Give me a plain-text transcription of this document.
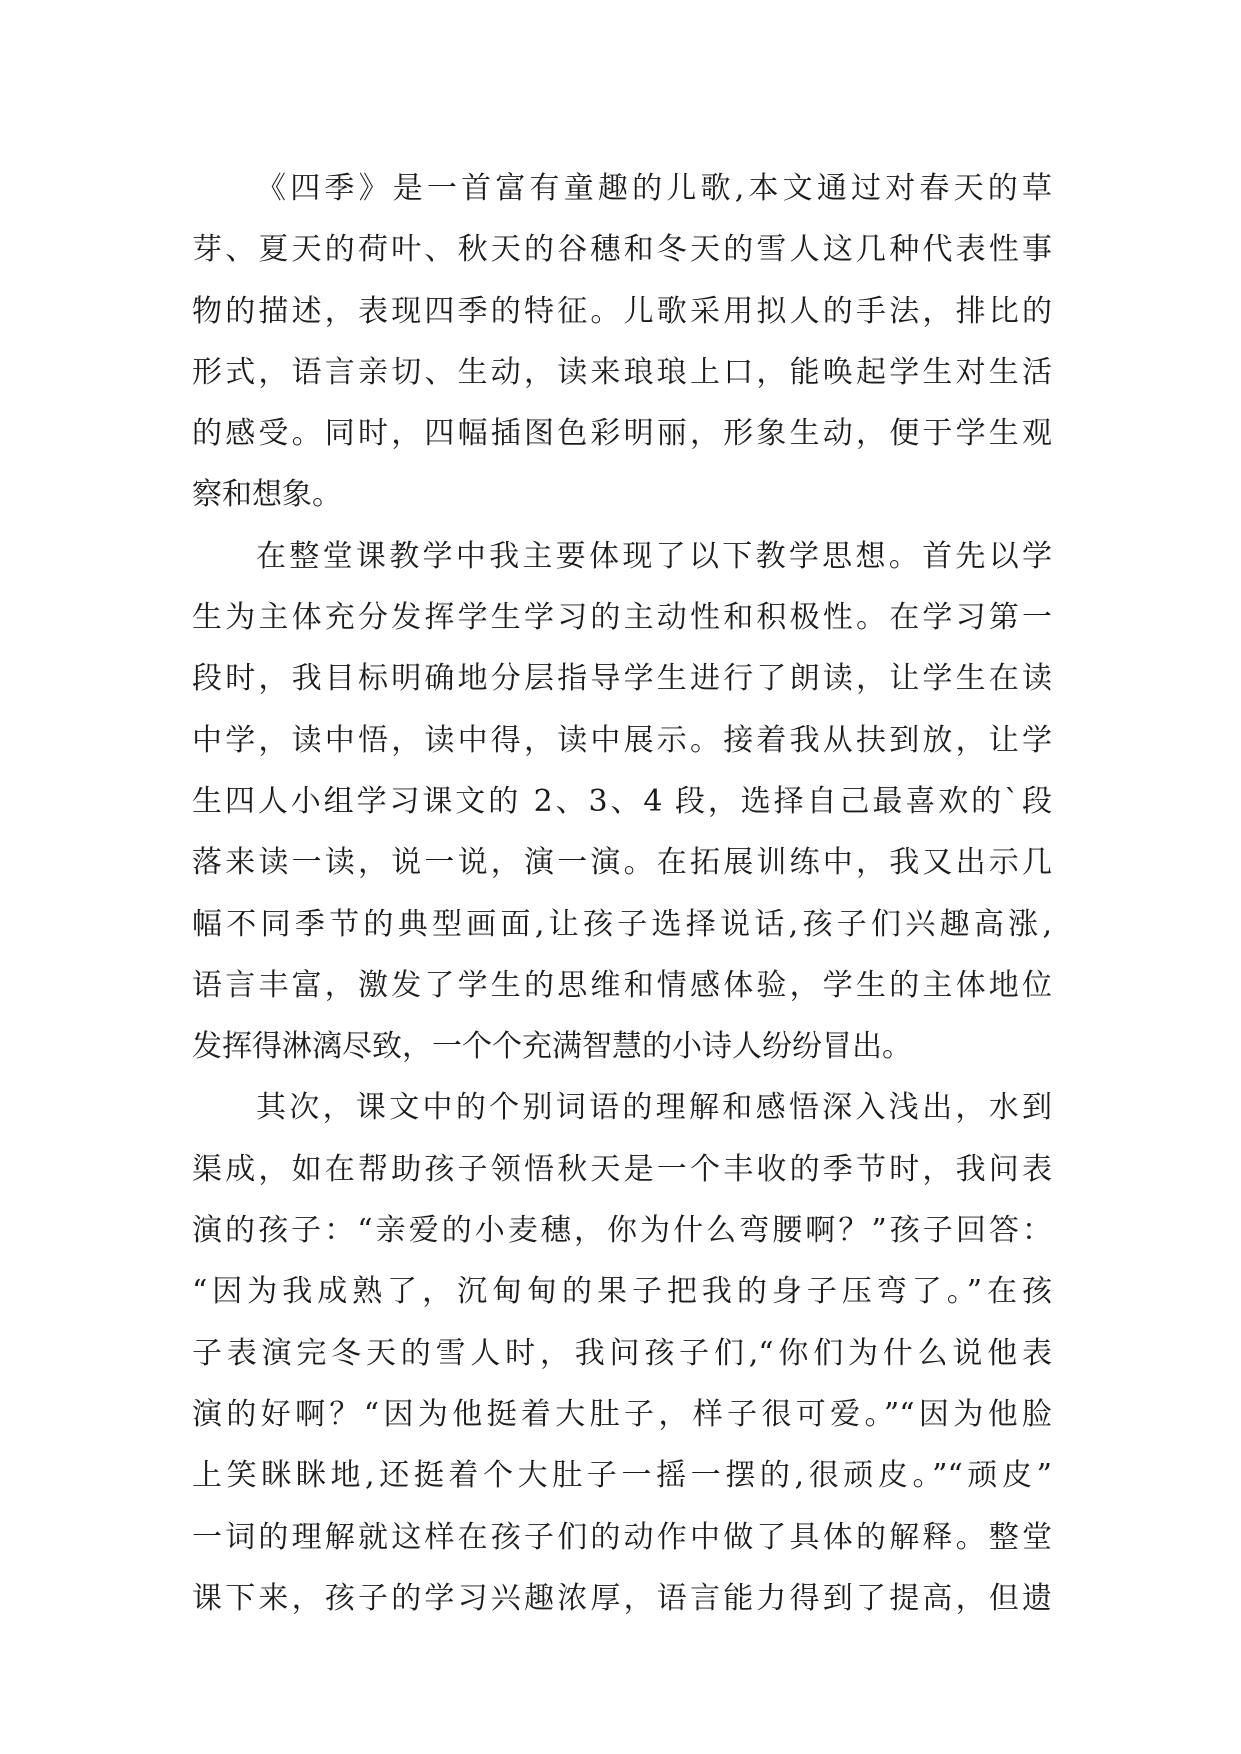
《四季》是一首富有童趣的儿歌,本文通过对春天的草
芽、夏天的荷叶、秋天的谷穗和冬天的雪人这几种代表性事
物的描述，表现四季的特征。儿歌采用拟人的手法，排比的
形式，语言亲切、生动，读来琅琅上口，能唤起学生对生活
的感受。同时，四幅插图色彩明丽，形象生动，便于学生观
察和想象。
在整堂课教学中我主要体现了以下教学思想。首先以学
生为主体充分发挥学生学习的主动性和积极性。在学习第一
段时，我目标明确地分层指导学生进行了朗读，让学生在读
中学，读中悟，读中得，读中展示。接着我从扶到放，让学
生四人小组学习课文的 2、3、4 段，选择自己最喜欢的`段
落来读一读，说一说，演一演。在拓展训练中，我又出示几
幅不同季节的典型画面,让孩子选择说话,孩子们兴趣高涨,
语言丰富，激发了学生的思维和情感体验，学生的主体地位
发挥得淋漓尽致，一个个充满智慧的小诗人纷纷冒出。
其次，课文中的个别词语的理解和感悟深入浅出，水到
渠成，如在帮助孩子领悟秋天是一个丰收的季节时，我问表
演的孩子：“亲爱的小麦穗，你为什么弯腰啊？”孩子回答：
“因为我成熟了，沉甸甸的果子把我的身子压弯了。”在孩
子表演完冬天的雪人时，我问孩子们,“你们为什么说他表
演的好啊？“因为他挺着大肚子，样子很可爱。”“因为他脸
上笑眯眯地,还挺着个大肚子一摇一摆的,很顽皮。”“顽皮”
一词的理解就这样在孩子们的动作中做了具体的解释。整堂
课下来，孩子的学习兴趣浓厚，语言能力得到了提高，但遗
